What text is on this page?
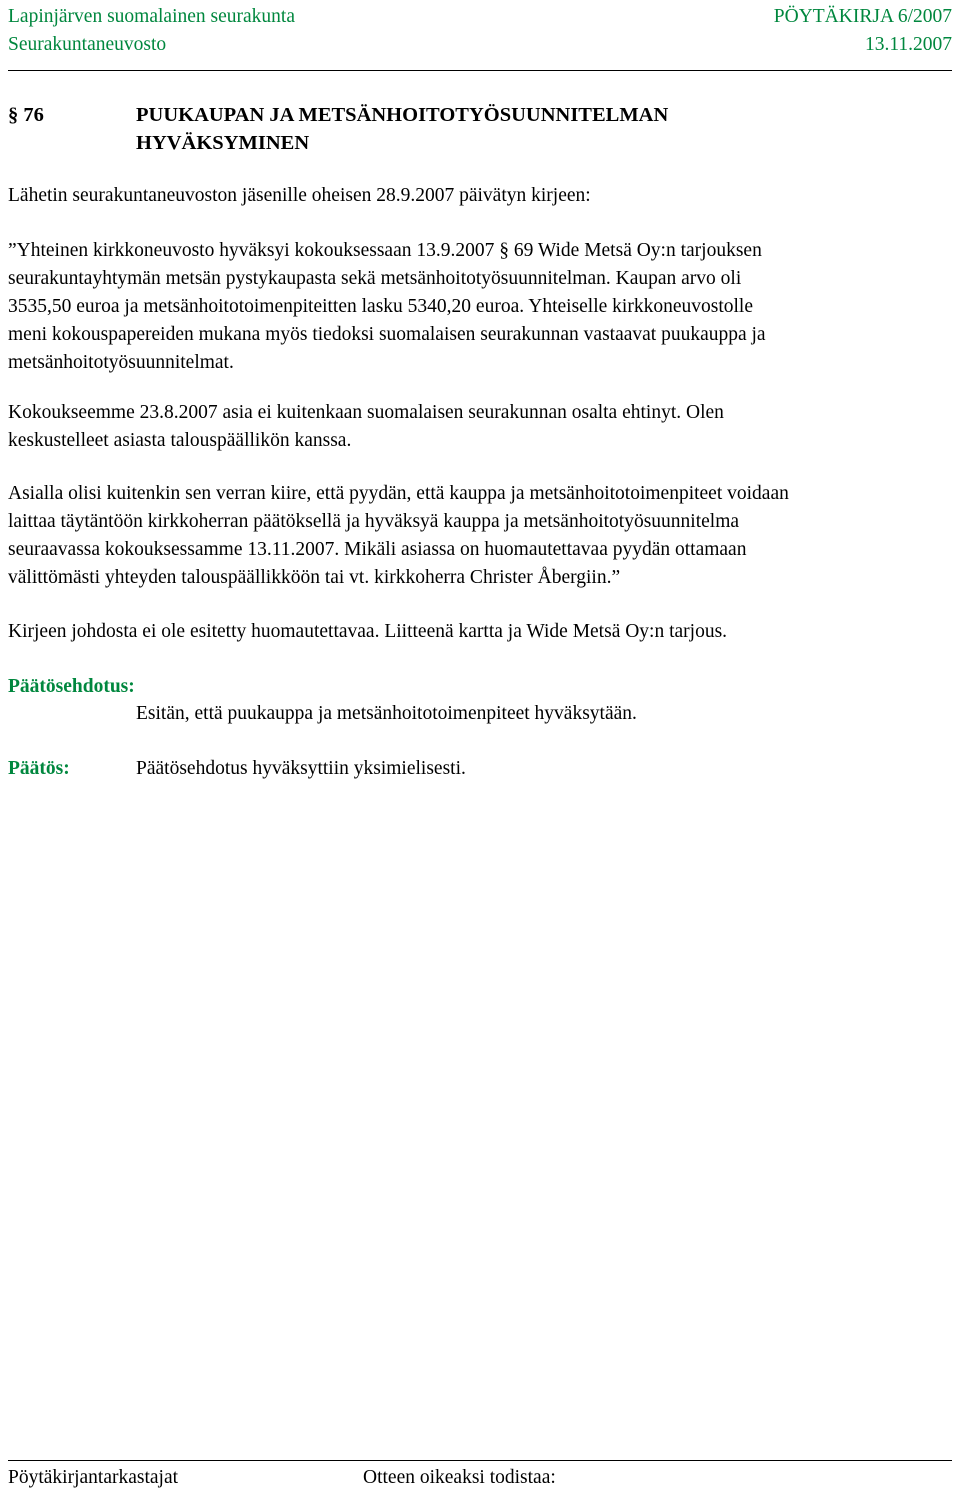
Lapinjärven suomalainen seurakunta	PÖYTÄKIRJA 6/2007
Seurakuntaneuvosto	13.11.2007
§ 76	PUUKAUPAN JA METSÄNHOITOTYÖSUUNNITELMAN
HYVÄKSYMINEN
Lähetin seurakuntaneuvoston jäsenille oheisen 28.9.2007 päivätyn kirjeen:
”Yhteinen kirkkoneuvosto hyväksyi kokouksessaan 13.9.2007 § 69 Wide Metsä Oy:n tarjouksen
seurakuntayhtymän metsän pystykaupasta sekä metsänhoitotyösuunnitelman. Kaupan arvo oli
3535,50 euroa ja metsänhoitotoimenpiteitten lasku 5340,20 euroa. Yhteiselle kirkkoneuvostolle
meni kokouspapereiden mukana myös tiedoksi suomalaisen seurakunnan vastaavat puukauppa ja
metsänhoitotyösuunnitelmat.
Kokoukseemme 23.8.2007 asia ei kuitenkaan suomalaisen seurakunnan osalta ehtinyt. Olen
keskustelleet asiasta talouspäällikön kanssa.
Asialla olisi kuitenkin sen verran kiire, että pyydän, että kauppa ja metsänhoitotoimenpiteet voidaan
laittaa täytäntöön kirkkoherran päätöksellä ja hyväksyä kauppa ja metsänhoitotyösuunnitelma
seuraavassa kokouksessamme 13.11.2007. Mikäli asiassa on huomautettavaa pyydän ottamaan
välittömästi yhteyden talouspäällikköön tai vt. kirkkoherra Christer Åbergiin.”
Kirjeen johdosta ei ole esitetty huomautettavaa. Liitteenä kartta ja Wide Metsä Oy:n tarjous.
Päätösehdotus:
Esitän, että puukauppa ja metsänhoitotoimenpiteet hyväksytään.
Päätös:	Päätösehdotus hyväksyttiin yksimielisesti.
Pöytäkirjantarkastajat	Otteen oikeaksi todistaa:
